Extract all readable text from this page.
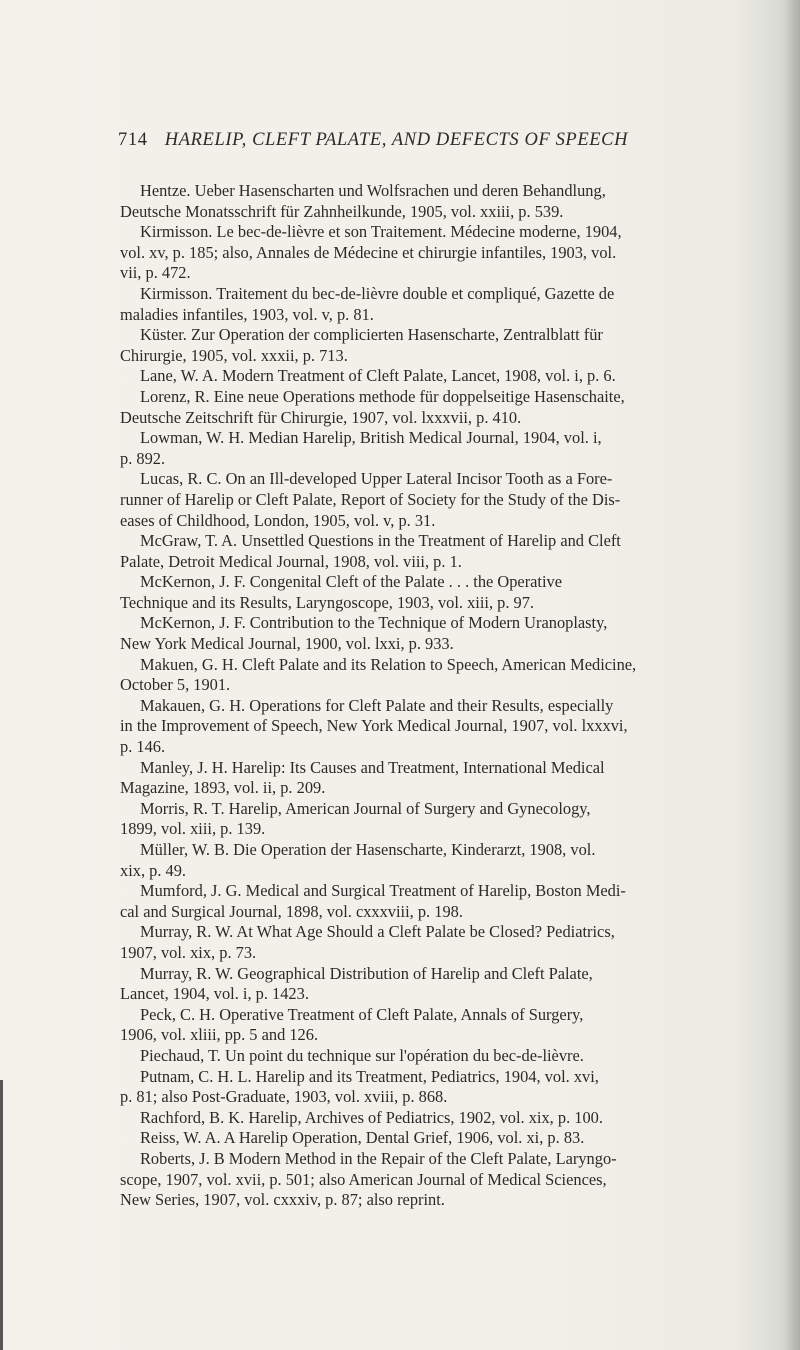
714 HARELIP, CLEFT PALATE, AND DEFECTS OF SPEECH
Hentze. Ueber Hasenscharten und Wolfsrachen und deren Behandlung,
Deutsche Monatsschrift für Zahnheilkunde, 1905, vol. xxiii, p. 539.
Kirmisson. Le bec-de-lièvre et son Traitement. Médecine moderne, 1904,
vol. xv, p. 185; also, Annales de Médecine et chirurgie infantiles, 1903, vol.
vii, p. 472.
Kirmisson. Traitement du bec-de-lièvre double et compliqué, Gazette de
maladies infantiles, 1903, vol. v, p. 81.
Küster. Zur Operation der complicierten Hasenscharte, Zentralblatt für
Chirurgie, 1905, vol. xxxii, p. 713.
Lane, W. A. Modern Treatment of Cleft Palate, Lancet, 1908, vol. i, p. 6.
Lorenz, R. Eine neue Operations methode für doppelseitige Hasenschaite,
Deutsche Zeitschrift für Chirurgie, 1907, vol. lxxxvii, p. 410.
Lowman, W. H. Median Harelip, British Medical Journal, 1904, vol. i,
p. 892.
Lucas, R. C. On an Ill-developed Upper Lateral Incisor Tooth as a Fore-
runner of Harelip or Cleft Palate, Report of Society for the Study of the Dis-
eases of Childhood, London, 1905, vol. v, p. 31.
McGraw, T. A. Unsettled Questions in the Treatment of Harelip and Cleft
Palate, Detroit Medical Journal, 1908, vol. viii, p. 1.
McKernon, J. F. Congenital Cleft of the Palate . . . the Operative
Technique and its Results, Laryngoscope, 1903, vol. xiii, p. 97.
McKernon, J. F. Contribution to the Technique of Modern Uranoplasty,
New York Medical Journal, 1900, vol. lxxi, p. 933.
Makuen, G. H. Cleft Palate and its Relation to Speech, American Medicine,
October 5, 1901.
Makauen, G. H. Operations for Cleft Palate and their Results, especially
in the Improvement of Speech, New York Medical Journal, 1907, vol. lxxxvi,
p. 146.
Manley, J. H. Harelip: Its Causes and Treatment, International Medical
Magazine, 1893, vol. ii, p. 209.
Morris, R. T. Harelip, American Journal of Surgery and Gynecology,
1899, vol. xiii, p. 139.
Müller, W. B. Die Operation der Hasenscharte, Kinderarzt, 1908, vol.
xix, p. 49.
Mumford, J. G. Medical and Surgical Treatment of Harelip, Boston Medi-
cal and Surgical Journal, 1898, vol. cxxxviii, p. 198.
Murray, R. W. At What Age Should a Cleft Palate be Closed? Pediatrics,
1907, vol. xix, p. 73.
Murray, R. W. Geographical Distribution of Harelip and Cleft Palate,
Lancet, 1904, vol. i, p. 1423.
Peck, C. H. Operative Treatment of Cleft Palate, Annals of Surgery,
1906, vol. xliii, pp. 5 and 126.
Piechaud, T. Un point du technique sur l'opération du bec-de-lièvre.
Putnam, C. H. L. Harelip and its Treatment, Pediatrics, 1904, vol. xvi,
p. 81; also Post-Graduate, 1903, vol. xviii, p. 868.
Rachford, B. K. Harelip, Archives of Pediatrics, 1902, vol. xix, p. 100.
Reiss, W. A. A Harelip Operation, Dental Grief, 1906, vol. xi, p. 83.
Roberts, J. B Modern Method in the Repair of the Cleft Palate, Laryngo-
scope, 1907, vol. xvii, p. 501; also American Journal of Medical Sciences,
New Series, 1907, vol. cxxxiv, p. 87; also reprint.
